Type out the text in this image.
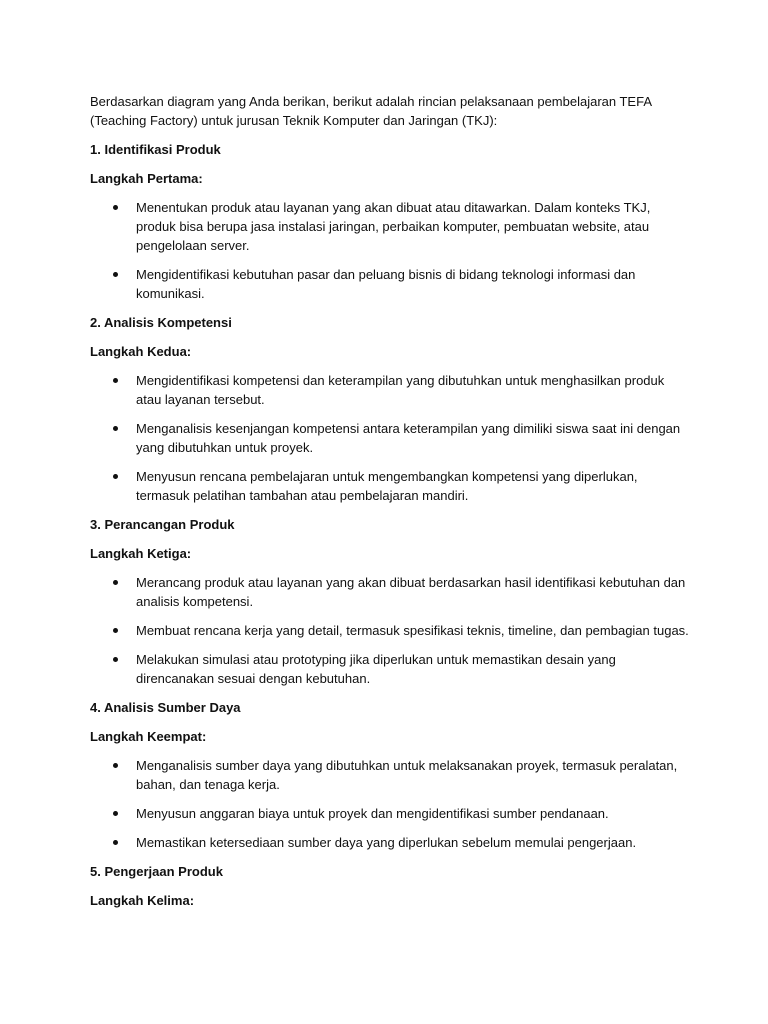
Berdasarkan diagram yang Anda berikan, berikut adalah rincian pelaksanaan pembelajaran TEFA (Teaching Factory) untuk jurusan Teknik Komputer dan Jaringan (TKJ):

1. Identifikasi Produk

Langkah Pertama:

Menentukan produk atau layanan yang akan dibuat atau ditawarkan. Dalam konteks TKJ, produk bisa berupa jasa instalasi jaringan, perbaikan komputer, pembuatan website, atau pengelolaan server.
Mengidentifikasi kebutuhan pasar dan peluang bisnis di bidang teknologi informasi dan komunikasi.

2. Analisis Kompetensi

Langkah Kedua:

Mengidentifikasi kompetensi dan keterampilan yang dibutuhkan untuk menghasilkan produk atau layanan tersebut.
Menganalisis kesenjangan kompetensi antara keterampilan yang dimiliki siswa saat ini dengan yang dibutuhkan untuk proyek.
Menyusun rencana pembelajaran untuk mengembangkan kompetensi yang diperlukan, termasuk pelatihan tambahan atau pembelajaran mandiri.

3. Perancangan Produk

Langkah Ketiga:

Merancang produk atau layanan yang akan dibuat berdasarkan hasil identifikasi kebutuhan dan analisis kompetensi.
Membuat rencana kerja yang detail, termasuk spesifikasi teknis, timeline, dan pembagian tugas.
Melakukan simulasi atau prototyping jika diperlukan untuk memastikan desain yang direncanakan sesuai dengan kebutuhan.

4. Analisis Sumber Daya

Langkah Keempat:

Menganalisis sumber daya yang dibutuhkan untuk melaksanakan proyek, termasuk peralatan, bahan, dan tenaga kerja.
Menyusun anggaran biaya untuk proyek dan mengidentifikasi sumber pendanaan.
Memastikan ketersediaan sumber daya yang diperlukan sebelum memulai pengerjaan.

5. Pengerjaan Produk

Langkah Kelima:
